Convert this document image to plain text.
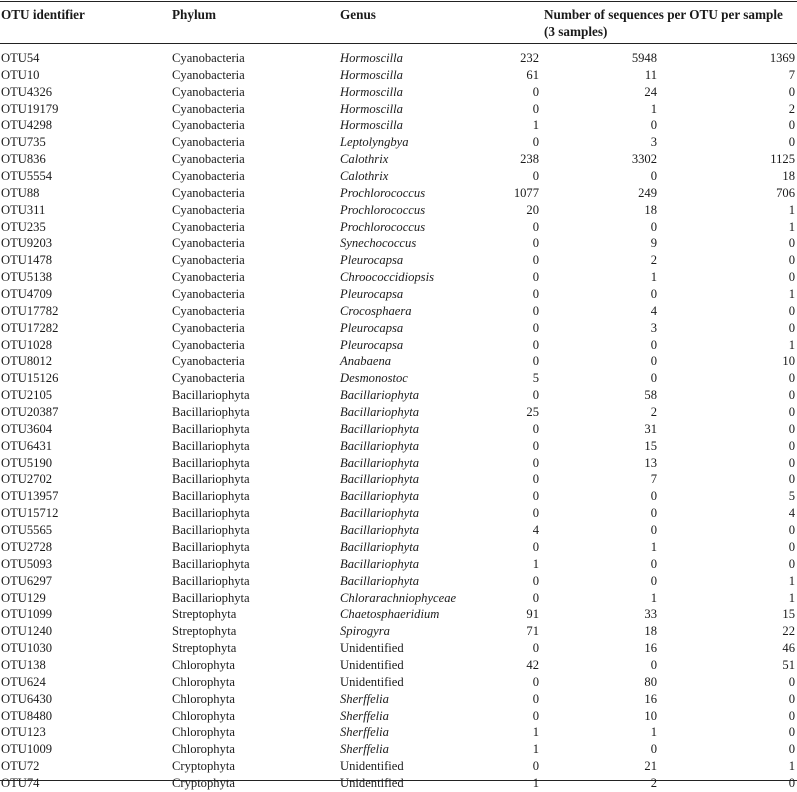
OTU identifier	Phylum	Genus	Number of sequences per OTU per sample (3 samples)
OTU54	Cyanobacteria	Hormoscilla	232	5948	1369
OTU10	Cyanobacteria	Hormoscilla	61	11	7
OTU4326	Cyanobacteria	Hormoscilla	0	24	0
OTU19179	Cyanobacteria	Hormoscilla	0	1	2
OTU4298	Cyanobacteria	Hormoscilla	1	0	0
OTU735	Cyanobacteria	Leptolyngbya	0	3	0
OTU836	Cyanobacteria	Calothrix	238	3302	1125
OTU5554	Cyanobacteria	Calothrix	0	0	18
OTU88	Cyanobacteria	Prochlorococcus	1077	249	706
OTU311	Cyanobacteria	Prochlorococcus	20	18	1
OTU235	Cyanobacteria	Prochlorococcus	0	0	1
OTU9203	Cyanobacteria	Synechococcus	0	9	0
OTU1478	Cyanobacteria	Pleurocapsa	0	2	0
OTU5138	Cyanobacteria	Chroococcidiopsis	0	1	0
OTU4709	Cyanobacteria	Pleurocapsa	0	0	1
OTU17782	Cyanobacteria	Crocosphaera	0	4	0
OTU17282	Cyanobacteria	Pleurocapsa	0	3	0
OTU1028	Cyanobacteria	Pleurocapsa	0	0	1
OTU8012	Cyanobacteria	Anabaena	0	0	10
OTU15126	Cyanobacteria	Desmonostoc	5	0	0
OTU2105	Bacillariophyta	Bacillariophyta	0	58	0
OTU20387	Bacillariophyta	Bacillariophyta	25	2	0
OTU3604	Bacillariophyta	Bacillariophyta	0	31	0
OTU6431	Bacillariophyta	Bacillariophyta	0	15	0
OTU5190	Bacillariophyta	Bacillariophyta	0	13	0
OTU2702	Bacillariophyta	Bacillariophyta	0	7	0
OTU13957	Bacillariophyta	Bacillariophyta	0	0	5
OTU15712	Bacillariophyta	Bacillariophyta	0	0	4
OTU5565	Bacillariophyta	Bacillariophyta	4	0	0
OTU2728	Bacillariophyta	Bacillariophyta	0	1	0
OTU5093	Bacillariophyta	Bacillariophyta	1	0	0
OTU6297	Bacillariophyta	Bacillariophyta	0	0	1
OTU129	Bacillariophyta	Chlorarachniophyceae	0	1	1
OTU1099	Streptophyta	Chaetosphaeridium	91	33	15
OTU1240	Streptophyta	Spirogyra	71	18	22
OTU1030	Streptophyta	Unidentified	0	16	46
OTU138	Chlorophyta	Unidentified	42	0	51
OTU624	Chlorophyta	Unidentified	0	80	0
OTU6430	Chlorophyta	Sherffelia	0	16	0
OTU8480	Chlorophyta	Sherffelia	0	10	0
OTU123	Chlorophyta	Sherffelia	1	1	0
OTU1009	Chlorophyta	Sherffelia	1	0	0
OTU72	Cryptophyta	Unidentified	0	21	1
OTU74	Cryptophyta	Unidentified	1	2	0
